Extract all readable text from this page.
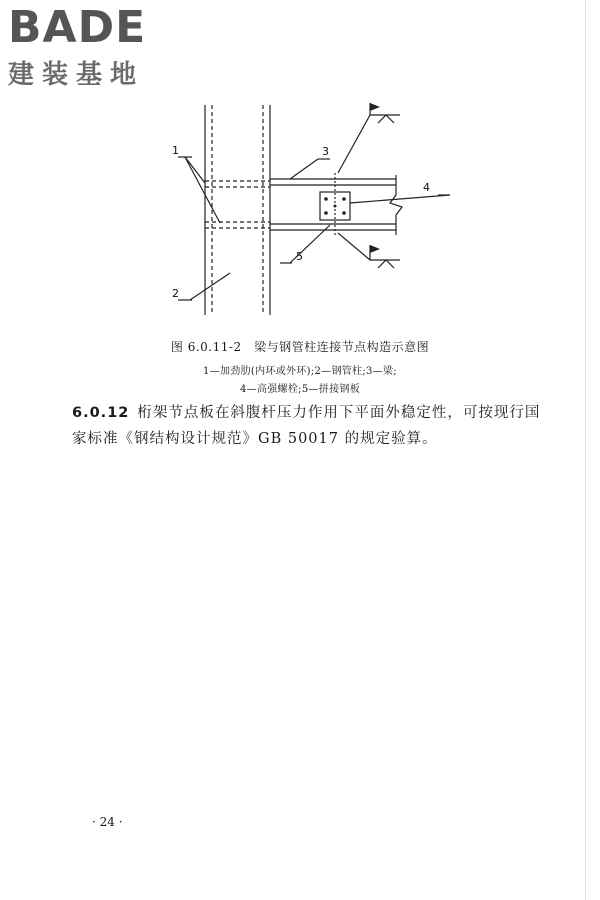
BADE
建装基地
1
2
3
4
5
图 6.0.11-2　梁与钢管柱连接节点构造示意图
1—加劲肋(内环或外环);2—钢管柱;3—梁;
4—高强螺栓;5—拼接钢板
6.0.12 桁架节点板在斜腹杆压力作用下平面外稳定性，可按现行国家标准《钢结构设计规范》GB 50017 的规定验算。
· 24 ·
